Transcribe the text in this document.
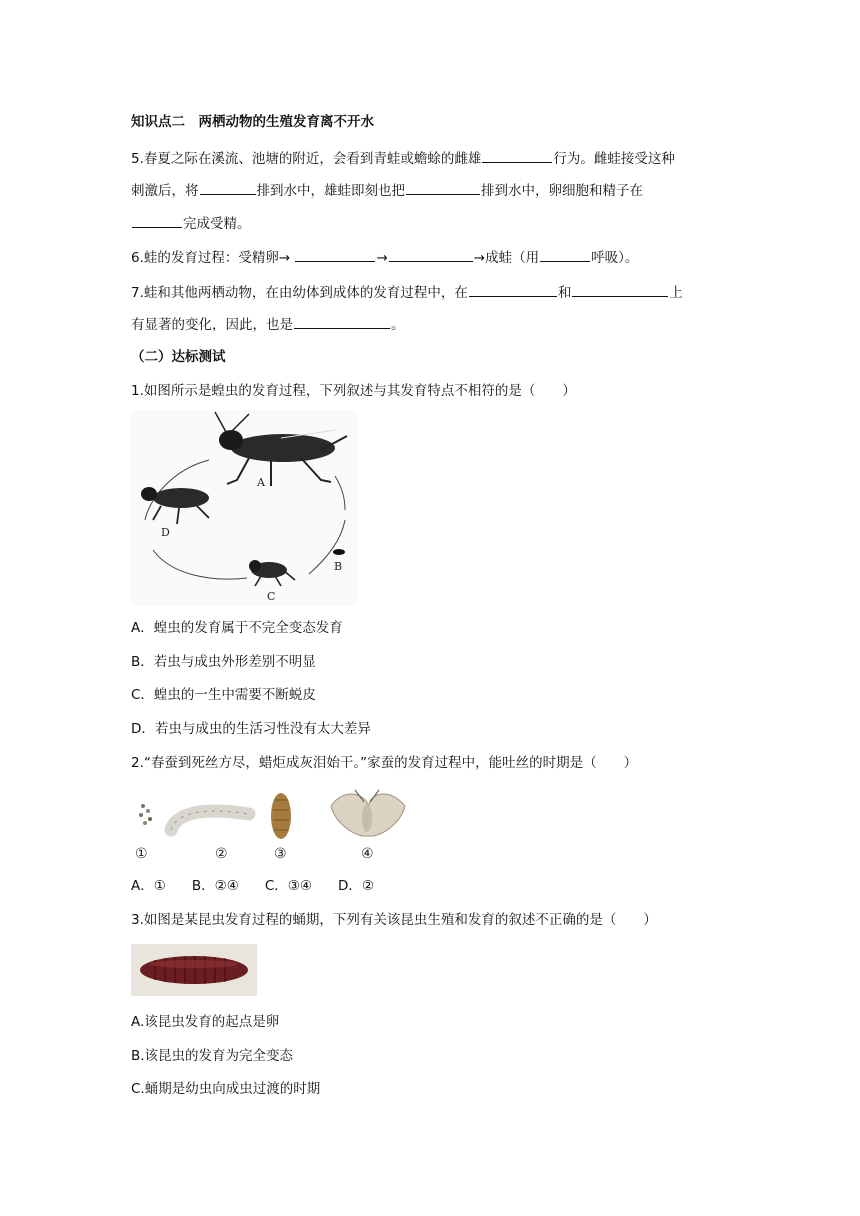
知识点二　两栖动物的生殖发育离不开水
5.春夏之际在溪流、池塘的附近，会看到青蛙或蟾蜍的雌雄	行为。雌蛙接受这种
刺激后，将	排到水中，雄蛙即刻也把	排到水中，卵细胞和精子在
完成受精。
6.蛙的发育过程：受精卵→	→	→成蛙（用	呼吸）。
7.蛙和其他两栖动物，在由幼体到成体的发育过程中，在	和	上
有显著的变化，因此，也是	。
（二）达标测试
1.如图所示是蝗虫的发育过程，下列叙述与其发育特点不相符的是（　　）
A
B
C
D
A．蝗虫的发育属于不完全变态发育
B．若虫与成虫外形差别不明显
C．蝗虫的一生中需要不断蜕皮
D．若虫与成虫的生活习性没有太大差异
2.“春蚕到死丝方尽，蜡炬成灰泪始干。”家蚕的发育过程中，能吐丝的时期是（　　）
①	②	③	④
A．① B．②④ C．③④ D．②
3.如图是某昆虫发育过程的蛹期，下列有关该昆虫生殖和发育的叙述不正确的是（　　）
A.该昆虫发育的起点是卵
B.该昆虫的发育为完全变态
C.蛹期是幼虫向成虫过渡的时期
